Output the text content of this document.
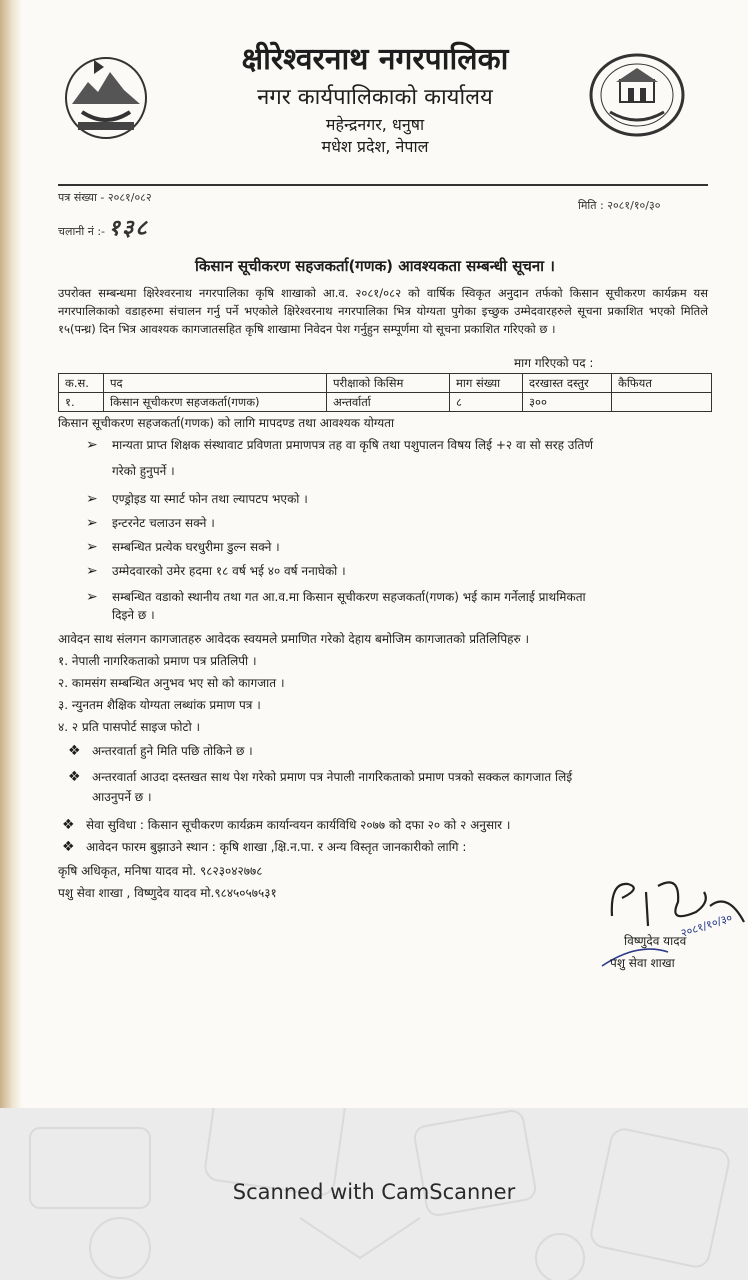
क्षीरेश्वरनाथ नगरपालिका

नगर कार्यपालिकाको कार्यालय

महेन्द्रनगर, धनुषा

मधेश प्रदेश, नेपाल

पत्र संख्या - २०८१/०८२
चलानी नं :- १३८
मिति : २०८१/१०/३०
किसान सूचीकरण सहजकर्ता(गणक) आवश्यकता सम्बन्धी सूचना ।
उपरोक्त सम्बन्धमा क्षिरेश्वरनाथ नगरपालिका कृषि शाखाको आ.व. २०८१/०८२ को वार्षिक स्विकृत अनुदान तर्फको किसान सूचीकरण कार्यक्रम यस नगरपालिकाको वडाहरुमा संचालन गर्नु पर्ने भएकोले क्षिरेश्वरनाथ नगरपालिका भित्र योग्यता पुगेका इच्छुक उम्मेदवारहरुले सूचना प्रकाशित भएको मितिले १५(पन्ध्र) दिन भित्र आवश्यक कागजातसहित कृषि शाखामा निवेदन पेश गर्नुहुन सम्पूर्णमा यो सूचना प्रकाशित गरिएको छ ।
माग गरिएको पद :
क.स.	पद	परीक्षाको किसिम	माग संख्या	दरखास्त दस्तुर	कैफियत
१.	किसान सूचीकरण सहजकर्ता(गणक)	अन्तर्वार्ता	८	३००	
किसान सूचीकरण सहजकर्ता(गणक) को लागि मापदण्ड तथा आवश्यक योग्यता
➢ मान्यता प्राप्त शिक्षक संस्थावाट प्रविणता प्रमाणपत्र तह वा कृषि तथा पशुपालन विषय लिई +२ वा सो सरह उतिर्ण
गरेको हुनुपर्ने ।
➢ एण्ड्रोइड या स्मार्ट फोन तथा ल्यापटप भएको ।
➢ इन्टरनेट चलाउन सक्ने ।
➢ सम्बन्धित प्रत्येक घरधुरीमा डुल्न सक्ने ।
➢ उम्मेदवारको उमेर हदमा १८ वर्ष भई ४० वर्ष ननाघेको ।
➢ सम्बन्धित वडाको स्थानीय तथा गत आ.व.मा किसान सूचीकरण सहजकर्ता(गणक) भई काम गर्नेलाई प्राथमिकता
दिइने छ ।
आवेदन साथ संलगन कागजातहरु आवेदक स्वयमले प्रमाणित गरेको देहाय बमोजिम कागजातको प्रतिलिपिहरु ।
१. नेपाली नागरिकताको प्रमाण पत्र प्रतिलिपी ।
२. कामसंग सम्बन्धित अनुभव भए सो को कागजात ।
३. न्युनतम शैक्षिक योग्यता लब्धांक प्रमाण पत्र ।
४. २ प्रति पासपोर्ट साइज फोटो ।
❖ अन्तरवार्ता हुने मिति पछि तोकिने छ ।
❖ अन्तरवार्ता आउदा दस्तखत साथ पेश गरेको प्रमाण पत्र नेपाली नागरिकताको प्रमाण पत्रको सक्कल कागजात लिई
आउनुपर्ने छ ।
❖ सेवा सुविधा : किसान सूचीकरण कार्यक्रम कार्यान्वयन कार्यविधि २०७७ को दफा २० को २ अनुसार ।
❖ आवेदन फारम बुझाउने स्थान : कृषि शाखा ,क्षि.न.पा. र अन्य विस्तृत जानकारीको लागि :
कृषि अधिकृत, मनिषा यादव मो. ९८२३०४२७७८
पशु सेवा शाखा , विष्णुदेव यादव मो.९८४५०५७५३१
विष्णुदेव यादव
२०८१/१०/३०
पशु सेवा शाखा
Scanned with CamScanner
